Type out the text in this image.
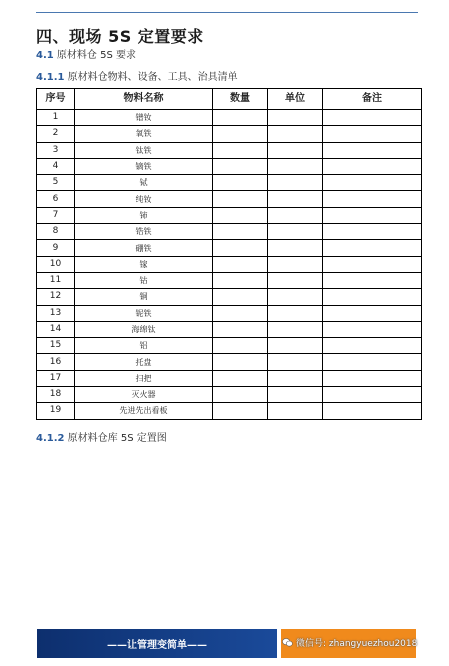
四、现场 5S 定置要求
4.1 原材料仓 5S 要求
4.1.1 原材料仓物料、设备、工具、治具清单
序号	物料名称	数量	单位	备注
1	镨钕			
2	氧铁			
3	钛铁			
4	镝铁			
5	铽			
6	纯钕			
7	铈			
8	锆铁			
9	硼铁			
10	镓			
11	钴			
12	铜			
13	铌铁			
14	海绵钛			
15	铝			
16	托盘			
17	扫把			
18	灭火器			
19	先进先出看板			
4.1.2 原材料仓库 5S 定置图
——让管理变简单——	微信号: zhangyuezhou2018
